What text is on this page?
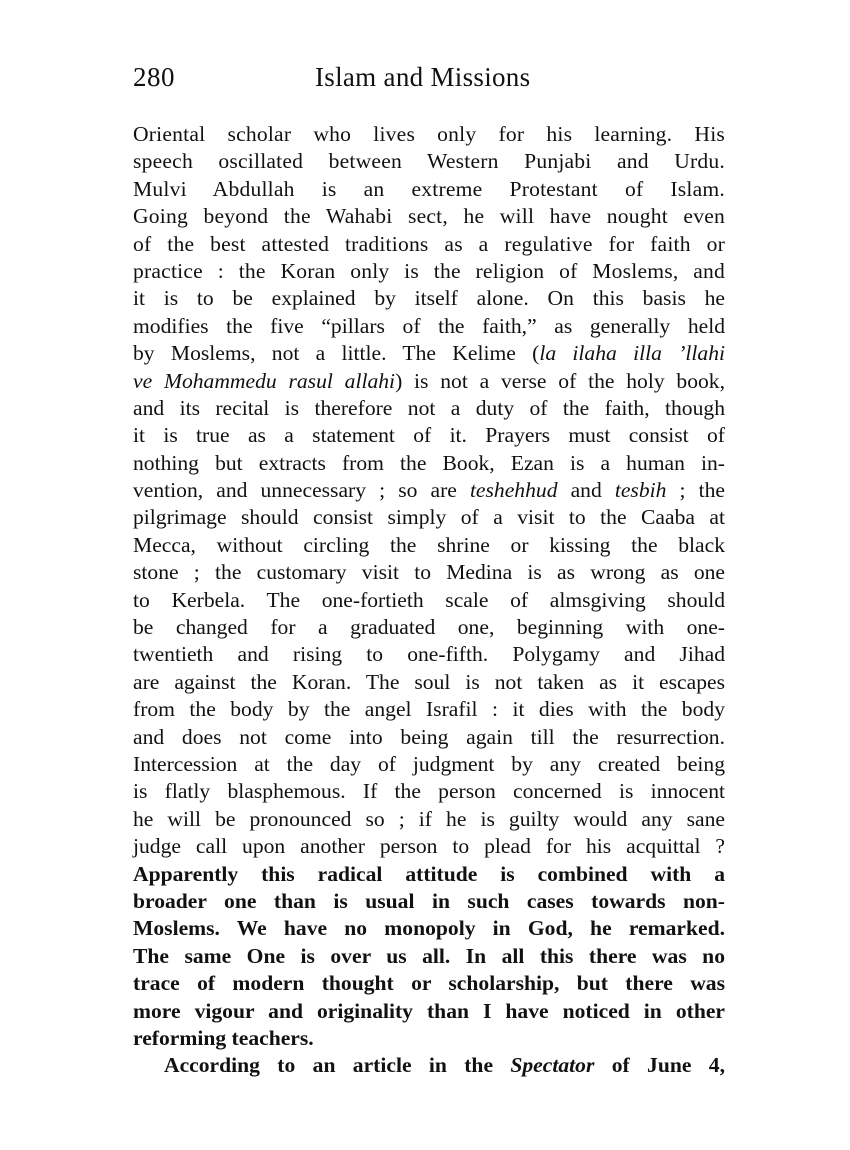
280	Islam and Missions
Oriental scholar who lives only for his learning. His
speech oscillated between Western Punjabi and Urdu.
Mulvi Abdullah is an extreme Protestant of Islam.
Going beyond the Wahabi sect, he will have nought even
of the best attested traditions as a regulative for faith or
practice : the Koran only is the religion of Moslems, and
it is to be explained by itself alone. On this basis he
modifies the five “pillars of the faith,” as generally held
by Moslems, not a little. The Kelime (la ilaha illa ’llahi
ve Mohammedu rasul allahi) is not a verse of the holy book,
and its recital is therefore not a duty of the faith, though
it is true as a statement of it. Prayers must consist of
nothing but extracts from the Book, Ezan is a human in-
vention, and unnecessary ; so are teshehhud and tesbih ; the
pilgrimage should consist simply of a visit to the Caaba at
Mecca, without circling the shrine or kissing the black
stone ; the customary visit to Medina is as wrong as one
to Kerbela. The one-fortieth scale of almsgiving should
be changed for a graduated one, beginning with one-
twentieth and rising to one-fifth. Polygamy and Jihad
are against the Koran. The soul is not taken as it escapes
from the body by the angel Israfil : it dies with the body
and does not come into being again till the resurrection.
Intercession at the day of judgment by any created being
is flatly blasphemous. If the person concerned is innocent
he will be pronounced so ; if he is guilty would any sane
judge call upon another person to plead for his acquittal ?
Apparently this radical attitude is combined with a
broader one than is usual in such cases towards non-
Moslems. We have no monopoly in God, he remarked.
The same One is over us all. In all this there was no
trace of modern thought or scholarship, but there was
more vigour and originality than I have noticed in other
reforming teachers.
According to an article in the Spectator of June 4,
